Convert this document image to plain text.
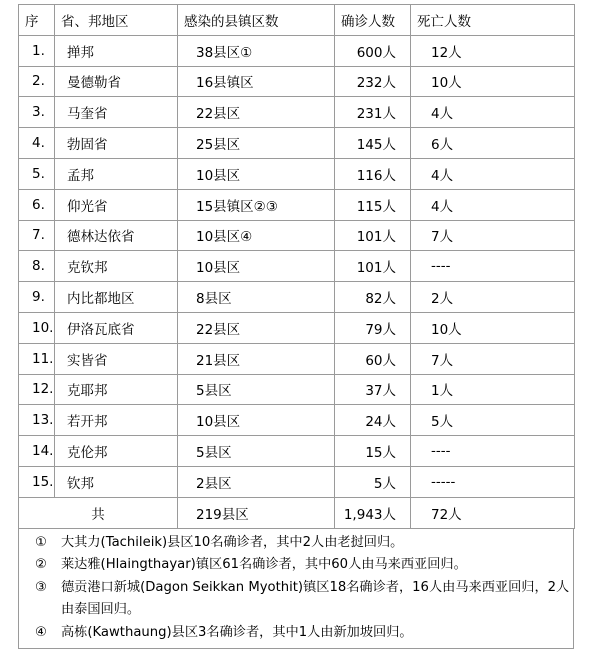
序	省、邦地区	感染的县镇区数	确诊人数	死亡人数
1.	掸邦	38县区①	600人	12人
2.	曼德勒省	16县镇区	232人	10人
3.	马奎省	22县区	231人	4人
4.	勃固省	25县区	145人	6人
5.	孟邦	10县区	116人	4人
6.	仰光省	15县镇区②③	115人	4人
7.	德林达依省	10县区④	101人	7人
8.	克钦邦	10县区	101人	----
9.	内比都地区	8县区	82人	2人
10.	伊洛瓦底省	22县区	79人	10人
11.	实皆省	21县区	60人	7人
12.	克耶邦	5县区	37人	1人
13.	若开邦	10县区	24人	5人
14.	克伦邦	5县区	15人	----
15.	钦邦	2县区	5人	-----
共		219县区	1,943人	72人
①	大其力(Tachileik)县区10名确诊者，其中2人由老挝回归。
②	莱达雅(Hlaingthayar)镇区61名确诊者，其中60人由马来西亚回归。
③	德贡港口新城(Dagon Seikkan Myothit)镇区18名确诊者，16人由马来西亚回归，2人由泰国回归。
④	高栋(Kawthaung)县区3名确诊者，其中1人由新加坡回归。
